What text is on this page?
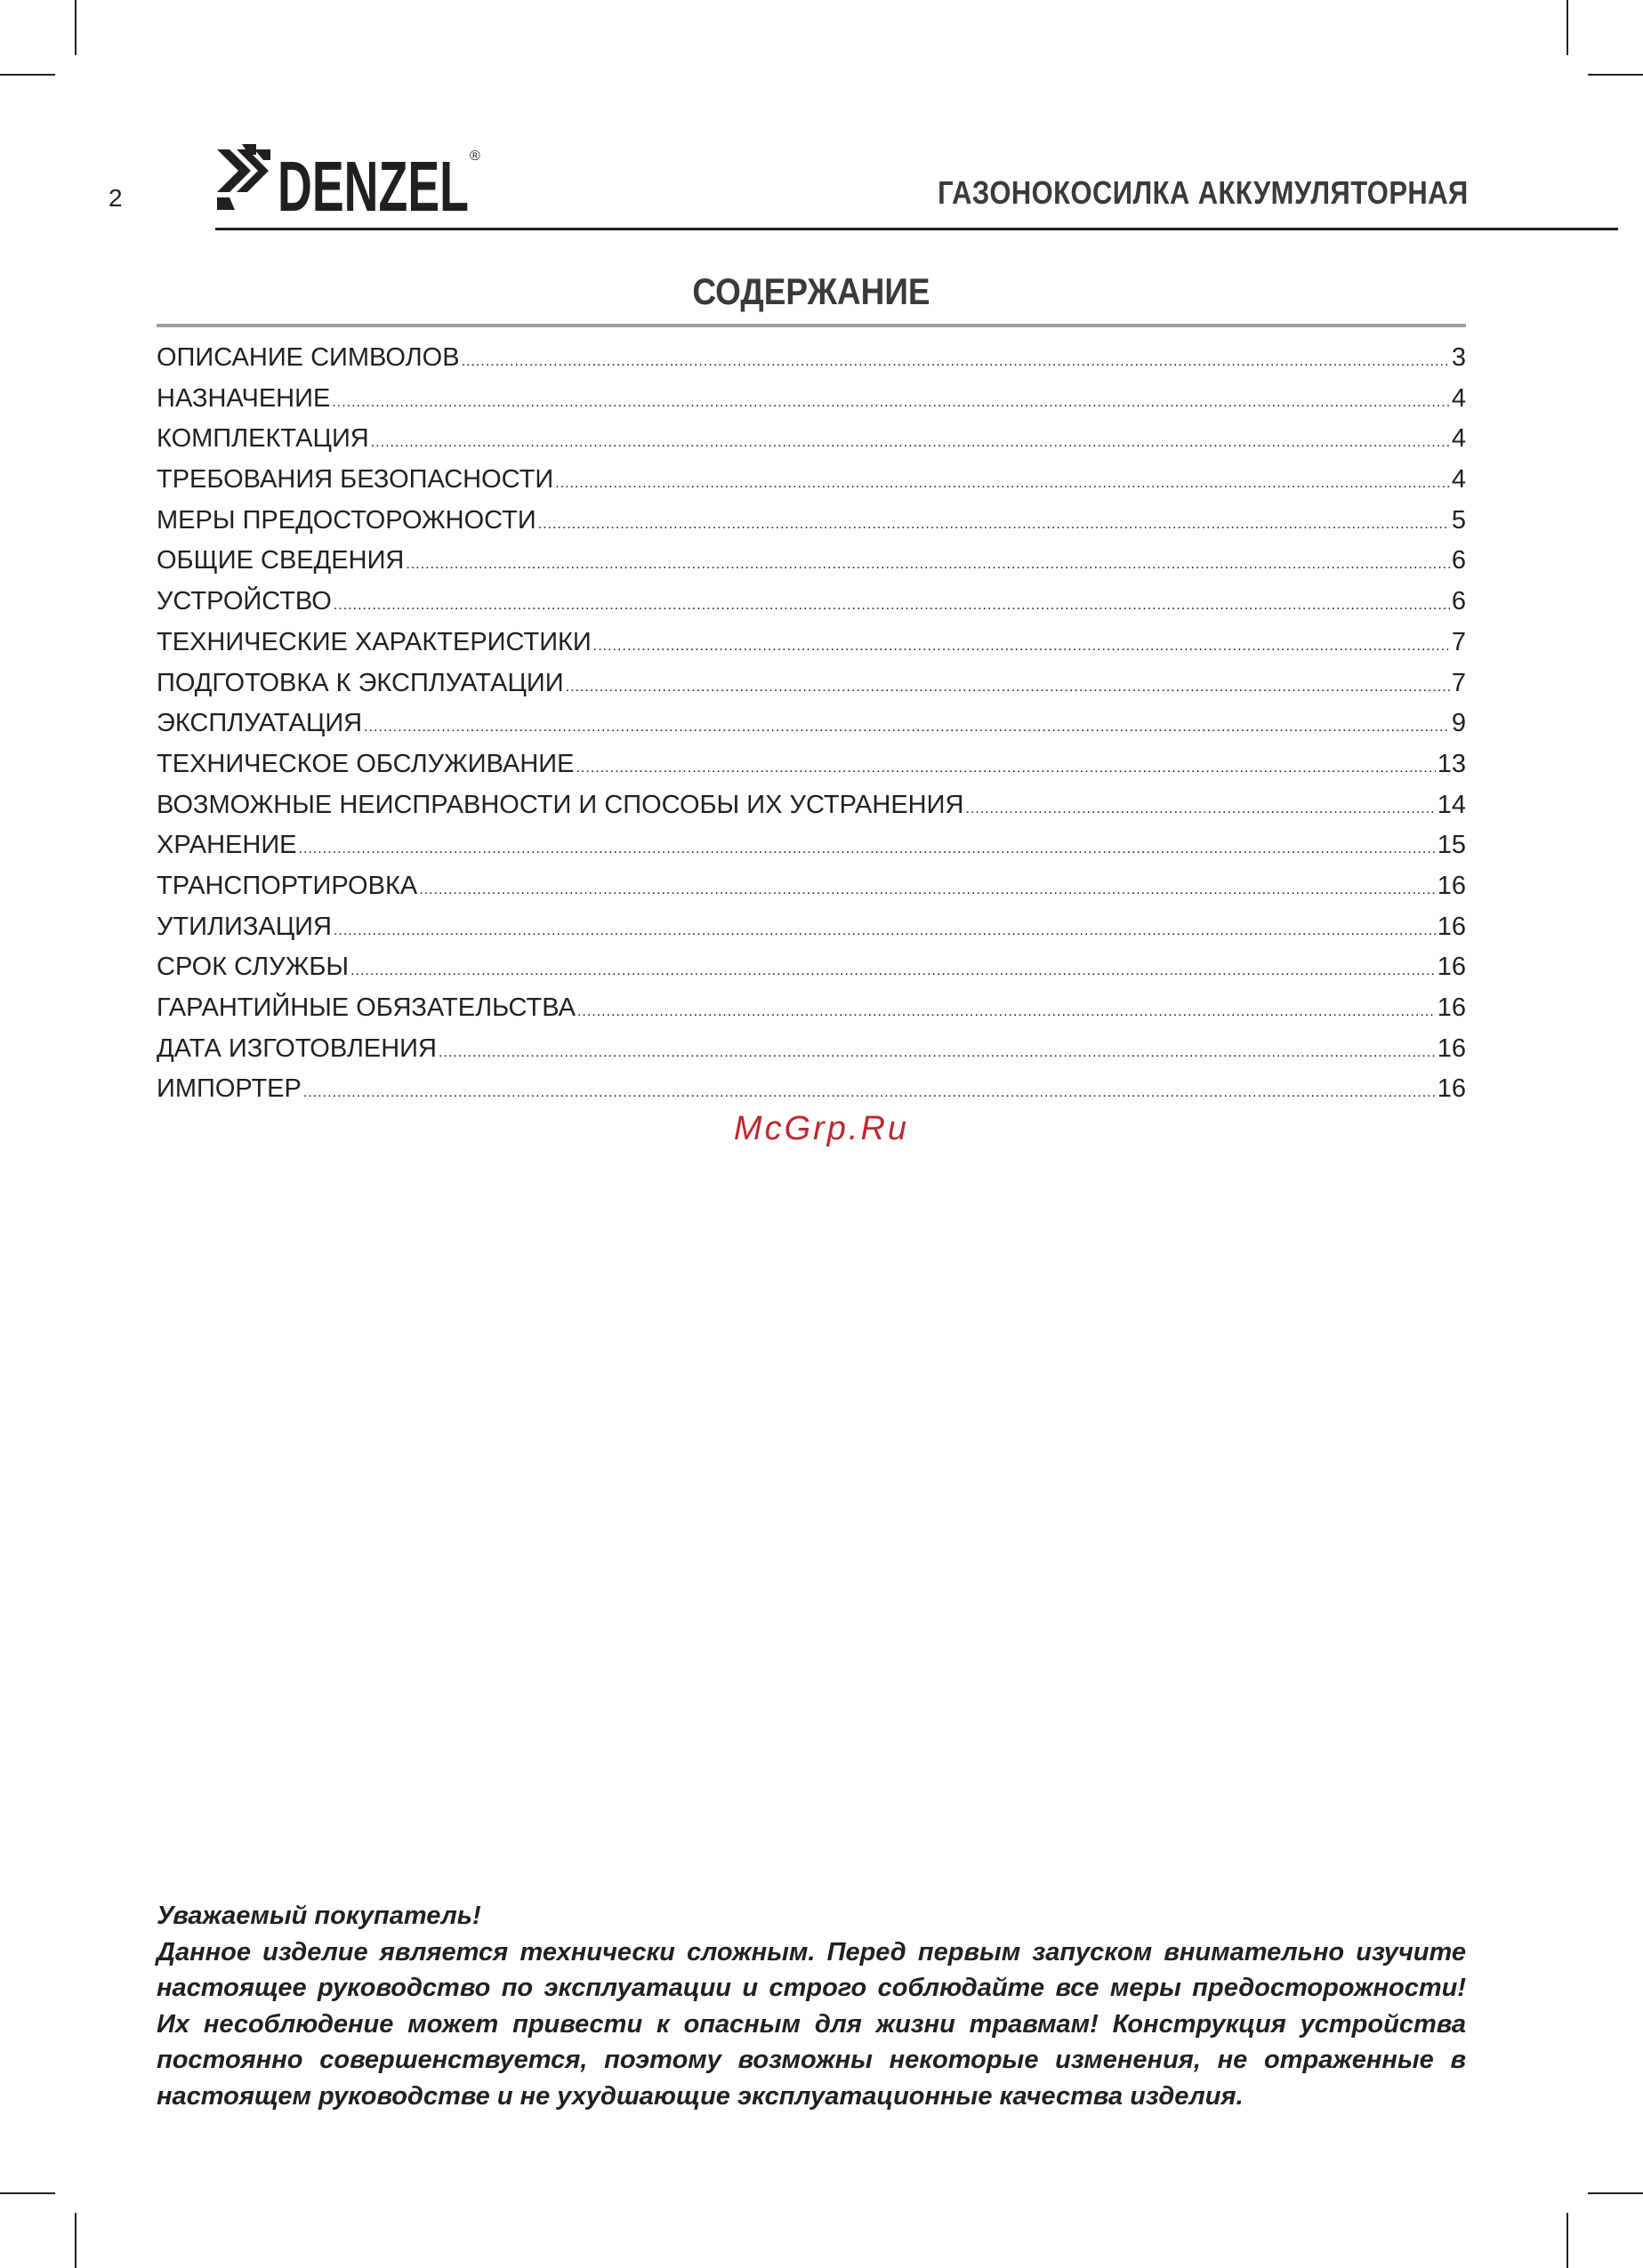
2 DENZEL ®
ГАЗОНОКОСИЛКА АККУМУЛЯТОРНАЯ
СОДЕРЖАНИЕ
ОПИСАНИЕ СИМВОЛОВ .....	3
НАЗНАЧЕНИЕ .....	4
КОМПЛЕКТАЦИЯ .....	4
ТРЕБОВАНИЯ БЕЗОПАСНОСТИ .....	4
МЕРЫ ПРЕДОСТОРОЖНОСТИ .....	5
ОБЩИЕ СВЕДЕНИЯ .....	6
УСТРОЙСТВО .....	6
ТЕХНИЧЕСКИЕ ХАРАКТЕРИСТИКИ .....	7
ПОДГОТОВКА К ЭКСПЛУАТАЦИИ .....	7
ЭКСПЛУАТАЦИЯ .....	9
ТЕХНИЧЕСКОЕ ОБСЛУЖИВАНИЕ .....	13
ВОЗМОЖНЫЕ НЕИСПРАВНОСТИ И СПОСОБЫ ИХ УСТРАНЕНИЯ .....	14
ХРАНЕНИЕ .....	15
ТРАНСПОРТИРОВКА .....	16
УТИЛИЗАЦИЯ .....	16
СРОК СЛУЖБЫ .....	16
ГАРАНТИЙНЫЕ ОБЯЗАТЕЛЬСТВА .....	16
ДАТА ИЗГОТОВЛЕНИЯ .....	16
ИМПОРТЕР .....	16
McGrp.Ru

Уважаемый покупатель!

Данное изделие является технически сложным. Перед первым запуском внимательно изучите настоящее руководство по эксплуатации и строго соблюдайте все меры предосторожности! Их несоблюдение может привести к опасным для жизни травмам! Конструкция устройства постоянно совершенствуется, поэтому возможны некоторые изменения, не отраженные в настоящем руководстве и не ухудшающие эксплуатационные качества изделия.
